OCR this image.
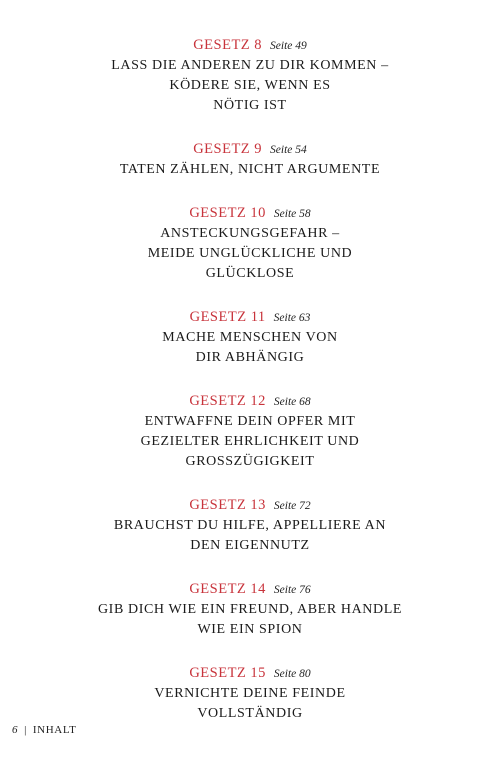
GESETZ 8 Seite 49
LASS DIE ANDEREN ZU DIR KOMMEN –
KÖDERE SIE, WENN ES
NÖTIG IST
GESETZ 9 Seite 54
TATEN ZÄHLEN, NICHT ARGUMENTE
GESETZ 10 Seite 58
ANSTECKUNGSGEFAHR –
MEIDE UNGLÜCKLICHE UND
GLÜCKLOSE
GESETZ 11 Seite 63
MACHE MENSCHEN VON
DIR ABHÄNGIG
GESETZ 12 Seite 68
ENTWAFFNE DEIN OPFER MIT
GEZIELTER EHRLICHKEIT UND
GROSSZÜGIGKEIT
GESETZ 13 Seite 72
BRAUCHST DU HILFE, APPELLIERE AN
DEN EIGENNUTZ
GESETZ 14 Seite 76
GIB DICH WIE EIN FREUND, ABER HANDLE
WIE EIN SPION
GESETZ 15 Seite 80
VERNICHTE DEINE FEINDE
VOLLSTÄNDIG
6 | INHALT
